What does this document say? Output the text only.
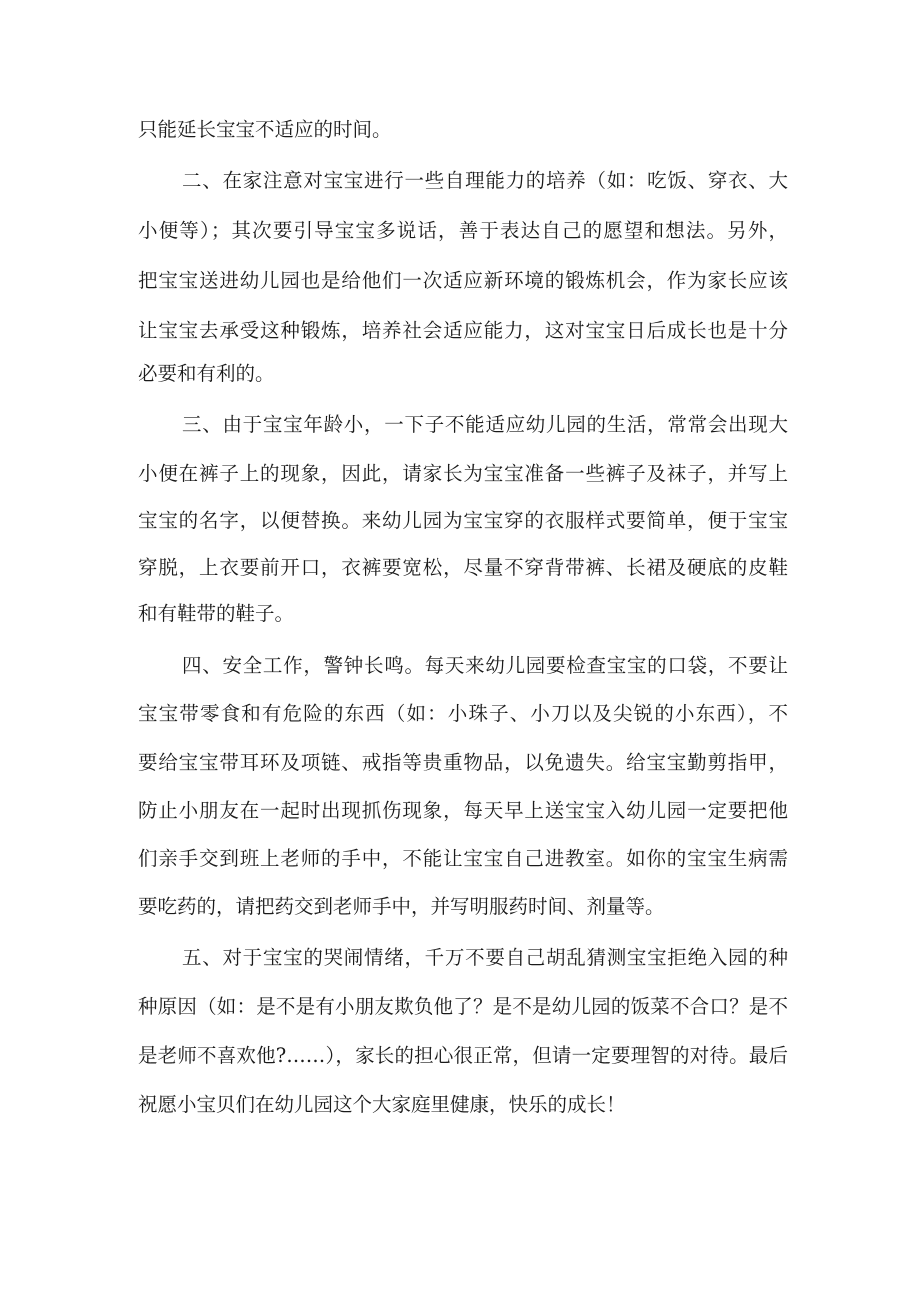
只能延长宝宝不适应的时间。
二、在家注意对宝宝进行一些自理能力的培养（如：吃饭、穿衣、大
小便等）；其次要引导宝宝多说话，善于表达自己的愿望和想法。另外，
把宝宝送进幼儿园也是给他们一次适应新环境的锻炼机会，作为家长应该
让宝宝去承受这种锻炼，培养社会适应能力，这对宝宝日后成长也是十分
必要和有利的。
三、由于宝宝年龄小，一下子不能适应幼儿园的生活，常常会出现大
小便在裤子上的现象，因此，请家长为宝宝准备一些裤子及袜子，并写上
宝宝的名字，以便替换。来幼儿园为宝宝穿的衣服样式要简单，便于宝宝
穿脱，上衣要前开口，衣裤要宽松，尽量不穿背带裤、长裙及硬底的皮鞋
和有鞋带的鞋子。
四、安全工作，警钟长鸣。每天来幼儿园要检查宝宝的口袋，不要让
宝宝带零食和有危险的东西（如：小珠子、小刀以及尖锐的小东西），不
要给宝宝带耳环及项链、戒指等贵重物品，以免遗失。给宝宝勤剪指甲，
防止小朋友在一起时出现抓伤现象，每天早上送宝宝入幼儿园一定要把他
们亲手交到班上老师的手中，不能让宝宝自己进教室。如你的宝宝生病需
要吃药的，请把药交到老师手中，并写明服药时间、剂量等。
五、对于宝宝的哭闹情绪，千万不要自己胡乱猜测宝宝拒绝入园的种
种原因（如：是不是有小朋友欺负他了？是不是幼儿园的饭菜不合口？是不
是老师不喜欢他?……），家长的担心很正常，但请一定要理智的对待。最后
祝愿小宝贝们在幼儿园这个大家庭里健康，快乐的成长！
